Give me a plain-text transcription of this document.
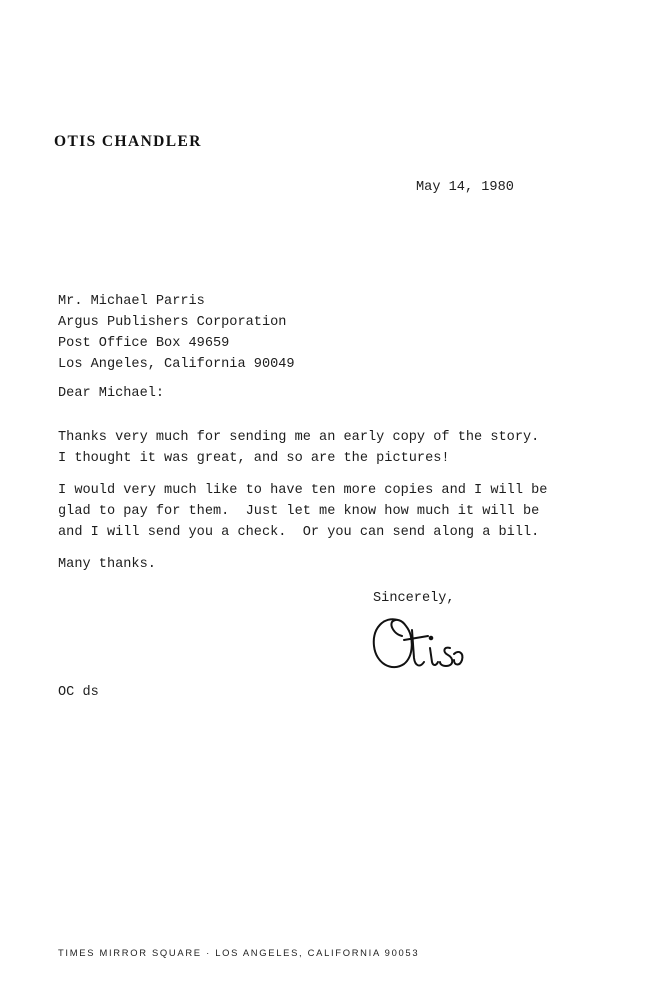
OTIS CHANDLER
May 14, 1980
Mr. Michael Parris
Argus Publishers Corporation
Post Office Box 49659
Los Angeles, California 90049
Dear Michael:
Thanks very much for sending me an early copy of the story.
I thought it was great, and so are the pictures!
I would very much like to have ten more copies and I will be
glad to pay for them.  Just let me know how much it will be
and I will send you a check.  Or you can send along a bill.
Many thanks.
Sincerely,
OC ds
TIMES MIRROR SQUARE · LOS ANGELES, CALIFORNIA 90053
